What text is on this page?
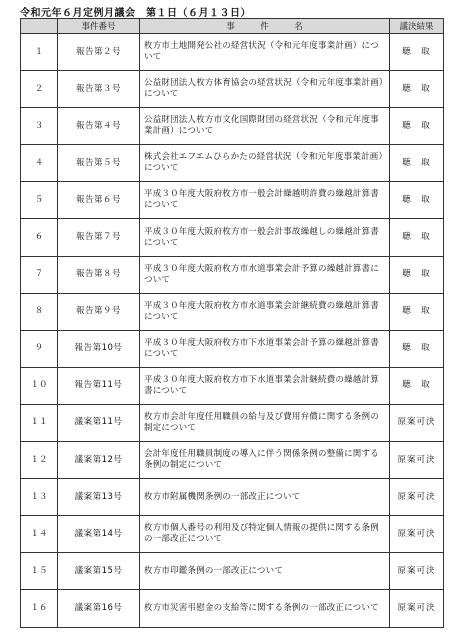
令和元年６月定例月議会　第１日（６月１３日）
	事件番号	事　　　件　　　名	議決結果
１	報告第２号	枚方市土地開発公社の経営状況（令和元年度事業計画）について	聴　取
２	報告第３号	公益財団法人枚方体育協会の経営状況（令和元年度事業計画）について	聴　取
３	報告第４号	公益財団法人枚方市文化国際財団の経営状況（令和元年度事業計画）について	聴　取
４	報告第５号	株式会社エフエムひらかたの経営状況（令和元年度事業計画）について	聴　取
５	報告第６号	平成３０年度大阪府枚方市一般会計繰越明許費の繰越計算書について	聴　取
６	報告第７号	平成３０年度大阪府枚方市一般会計事故繰越しの繰越計算書について	聴　取
７	報告第８号	平成３０年度大阪府枚方市水道事業会計予算の繰越計算書について	聴　取
８	報告第９号	平成３０年度大阪府枚方市水道事業会計継続費の繰越計算書について	聴　取
９	報告第10号	平成３０年度大阪府枚方市下水道事業会計予算の繰越計算書について	聴　取
１０	報告第11号	平成３０年度大阪府枚方市下水道事業会計継続費の繰越計算書について	聴　取
１１	議案第11号	枚方市会計年度任用職員の給与及び費用弁償に関する条例の制定について	原案可決
１２	議案第12号	会計年度任用職員制度の導入に伴う関係条例の整備に関する条例の制定について	原案可決
１３	議案第13号	枚方市附属機関条例の一部改正について	原案可決
１４	議案第14号	枚方市個人番号の利用及び特定個人情報の提供に関する条例の一部改正について	原案可決
１５	議案第15号	枚方市印鑑条例の一部改正について	原案可決
１６	議案第16号	枚方市災害弔慰金の支給等に関する条例の一部改正について	原案可決
